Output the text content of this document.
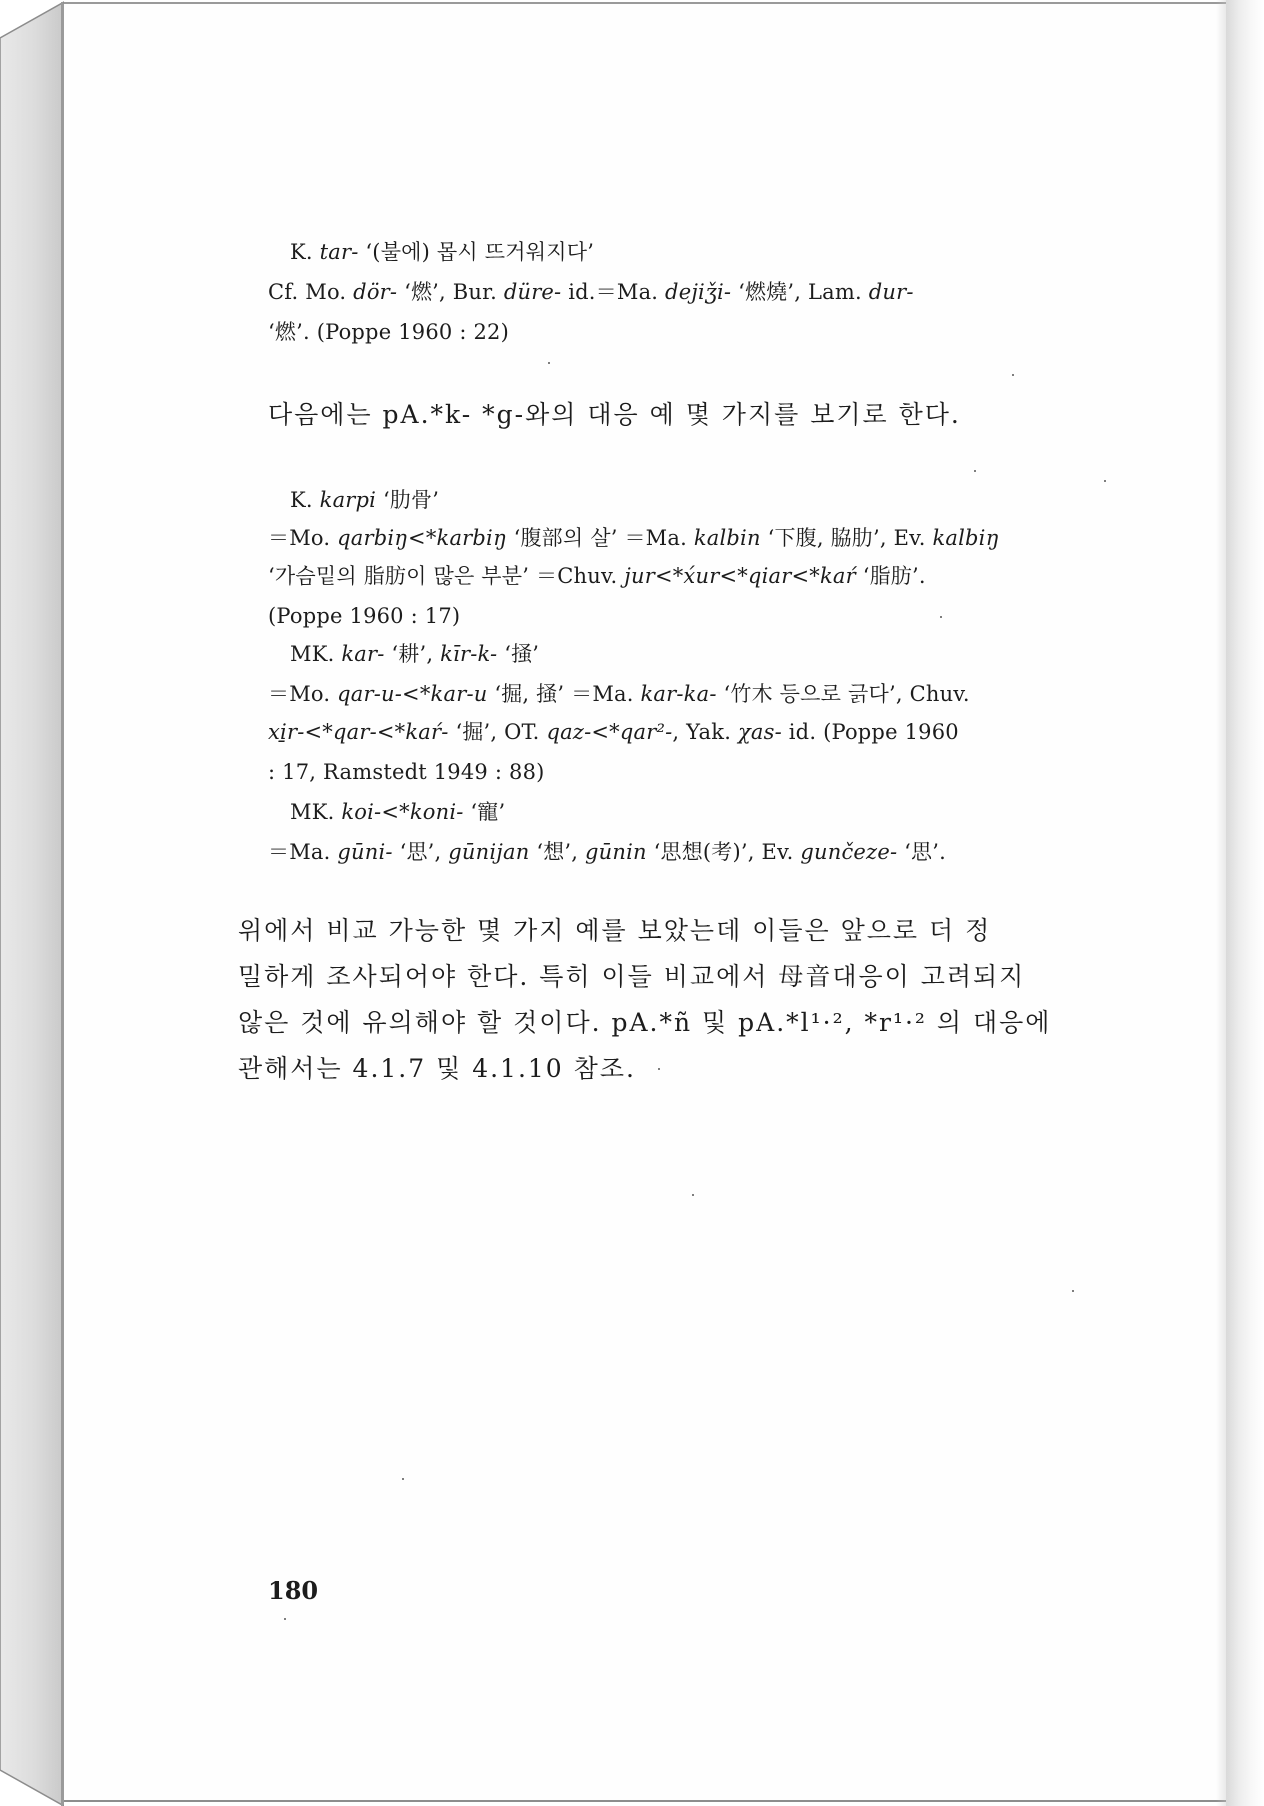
K. tar- ‘(불에) 몹시 뜨거워지다’
Cf. Mo. dör- ‘燃’, Bur. düre- id.＝Ma. dejiǯi- ‘燃燒’, Lam. dur-
‘燃’. (Poppe 1960 : 22)
다음에는 pA.*k- *g-와의 대응 예 몇 가지를 보기로 한다.
K. karpi ‘肋骨’
＝Mo. qarbiŋ<*karbiŋ ‘腹部의 살’ ＝Ma. kalbin ‘下腹, 脇肋’, Ev. kalbiŋ
‘가슴밑의 脂肪이 많은 부분’ ＝Chuv. jur<*x́ur<*qiar<*kaŕ ‘脂肪’.
(Poppe 1960 : 17)
MK. kar- ‘耕’, kīr-k- ‘掻’
＝Mo. qar-u-<*kar-u ‘掘, 掻’ ＝Ma. kar-ka- ‘竹木 등으로 긁다’, Chuv.
xi̱r-<*qar-<*kaŕ- ‘掘’, OT. qaz-<*qar²-, Yak. χas- id. (Poppe 1960
: 17, Ramstedt 1949 : 88)
MK. koi-<*koni- ‘寵’
＝Ma. gūni- ‘思’, gūnijan ‘想’, gūnin ‘思想(考)’, Ev. gunčeze- ‘思’.
위에서 비교 가능한 몇 가지 예를 보았는데 이들은 앞으로 더 정
밀하게 조사되어야 한다. 특히 이들 비교에서 母音대응이 고려되지
않은 것에 유의해야 할 것이다. pA.*ñ 및 pA.*l¹·², *r¹·² 의 대응에
관해서는 4.1.7 및 4.1.10 참조.
180
